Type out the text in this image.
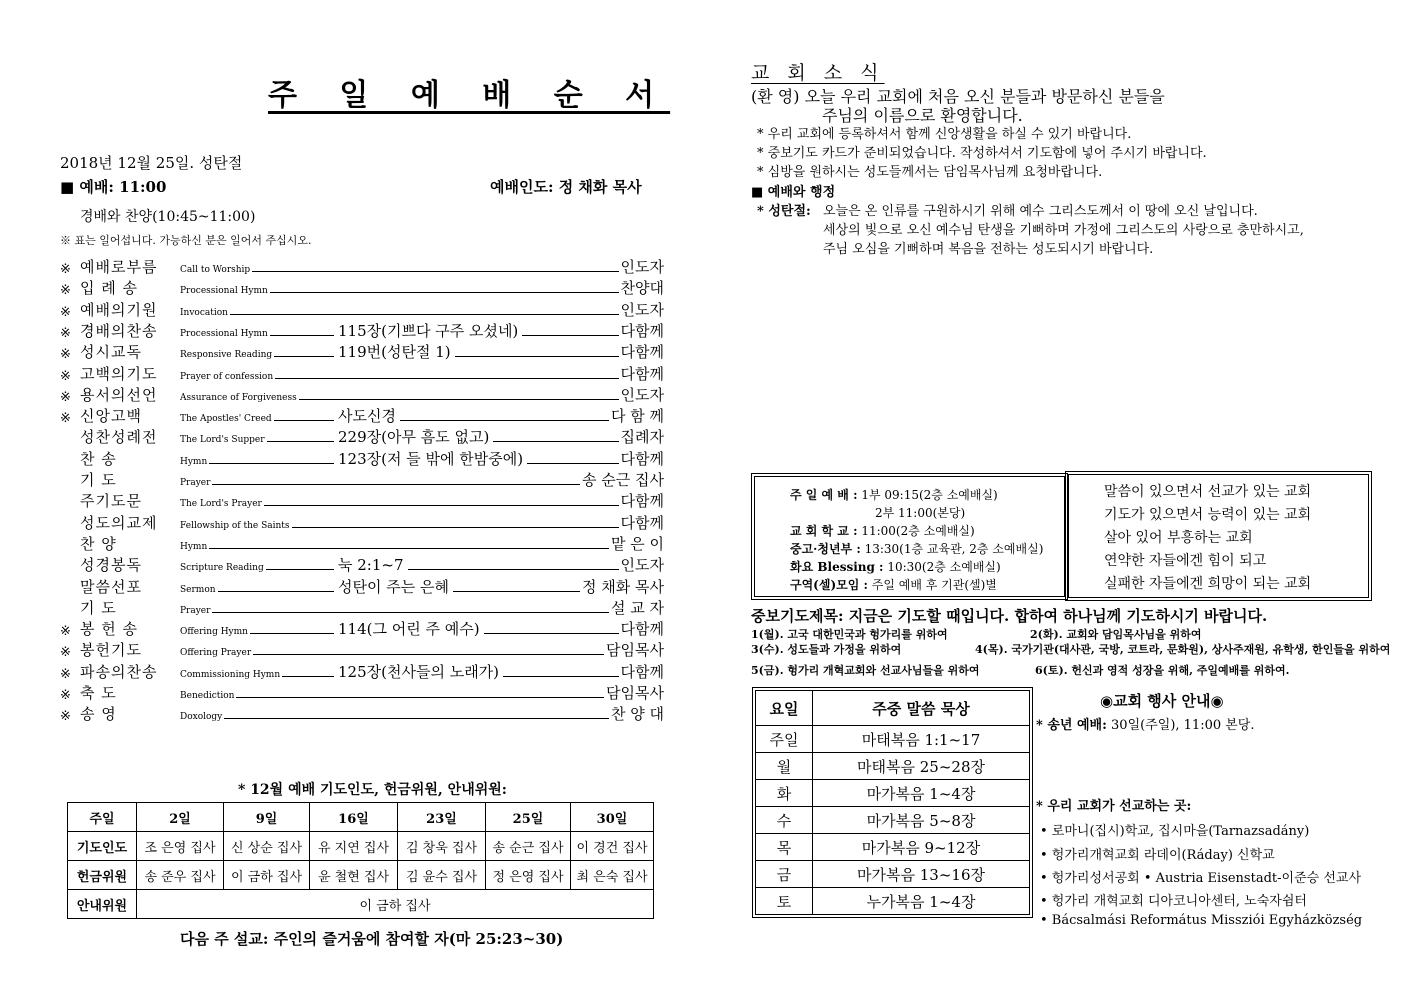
주 일 예 배 순 서
2018년 12월 25일. 성탄절
■ 예배: 11:00	예배인도: 정 채화 목사
경배와 찬양(10:45~11:00)
※ 표는 일어섭니다. 가능하신 분은 일어서 주십시오.
※ 예배로부름	Call to Worship	인도자
※ 입 례 송	Processional Hymn	찬양대
※ 예배의기원	Invocation	인도자
※ 경배의찬송	Processional Hymn	115장(기쁘다 구주 오셨네)	다함께
※ 성시교독	Responsive Reading	119번(성탄절 1)	다함께
※ 고백의기도	Prayer of confession	다함께
※ 용서의선언	Assurance of Forgiveness	인도자
※ 신앙고백	The Apostles' Creed	사도신경	다 함 께
성찬성례전	The Lord's Supper	229장(아무 흠도 없고)	집례자
찬 송	Hymn	123장(저 들 밖에 한밤중에)	다함께
기 도	Prayer	송 순근 집사
주기도문	The Lord's Prayer	다함께
성도의교제	Fellowship of the Saints	다함께
찬 양	Hymn	맡 은 이
성경봉독	Scripture Reading	눅 2:1~7	인도자
말씀선포	Sermon	성탄이 주는 은혜	정 채화 목사
기 도	Prayer	설 교 자
※ 봉 헌 송	Offering Hymn	114(그 어린 주 예수)	다함께
※ 봉헌기도	Offering Prayer	담임목사
※ 파송의찬송	Commissioning Hymn	125장(천사들의 노래가)	다함께
※ 축 도	Benediction	담임목사
※ 송 영	Doxology	찬 양 대
* 12월 예배 기도인도, 헌금위원, 안내위원:
주일	2일	9일	16일	23일	25일	30일
기도인도	조 은영 집사	신 상순 집사	유 지연 집사	김 창욱 집사	송 순근 집사	이 경건 집사
헌금위원	송 준우 집사	이 금하 집사	윤 철현 집사	김 윤수 집사	정 은영 집사	최 은숙 집사
안내위원	이 금하 집사					
다음 주 설교: 주인의 즐거움에 참여할 자(마 25:23~30)
교 회 소 식
(환 영) 오늘 우리 교회에 처음 오신 분들과 방문하신 분들을
주님의 이름으로 환영합니다.
* 우리 교회에 등록하셔서 함께 신앙생활을 하실 수 있기 바랍니다.
* 중보기도 카드가 준비되었습니다. 작성하셔서 기도함에 넣어 주시기 바랍니다.
* 심방을 원하시는 성도들께서는 담임목사님께 요청바랍니다.
■ 예배와 행정
* 성탄절: 오늘은 온 인류를 구원하시기 위해 예수 그리스도께서 이 땅에 오신 날입니다.
세상의 빛으로 오신 예수님 탄생을 기뻐하며 가정에 그리스도의 사랑으로 충만하시고,
주님 오심을 기뻐하며 복음을 전하는 성도되시기 바랍니다.
주 일 예 배 : 1부 09:15(2층 소예배실)
2부 11:00(본당)
교 회 학 교 : 11:00(2층 소예배실)
중고·청년부 : 13:30(1층 교육관, 2층 소예배실)
화요 Blessing : 10:30(2층 소예배실)
구역(셀)모임 : 주일 예배 후 기관(셀)별
말씀이 있으면서 선교가 있는 교회
기도가 있으면서 능력이 있는 교회
살아 있어 부흥하는 교회
연약한 자들에겐 힘이 되고
실패한 자들에겐 희망이 되는 교회
중보기도제목: 지금은 기도할 때입니다. 합하여 하나님께 기도하시기 바랍니다.
1(월). 고국 대한민국과 헝가리를 위하여	2(화). 교회와 담임목사님을 위하여
3(수). 성도들과 가정을 위하여	4(목). 국가기관(대사관, 국방, 코트라, 문화원), 상사주재원, 유학생, 한인들을 위하여
5(금). 헝가리 개혁교회와 선교사님들을 위하여	6(토). 헌신과 영적 성장을 위해, 주일예배를 위하여.
요일	주중 말씀 묵상
주일	마태복음 1:1~17
월	마태복음 25~28장
화	마가복음 1~4장
수	마가복음 5~8장
목	마가복음 9~12장
금	마가복음 13~16장
토	누가복음 1~4장
◉교회 행사 안내◉
* 송년 예배: 30일(주일), 11:00 본당.
* 우리 교회가 선교하는 곳:
• 로마니(집시)학교, 집시마을(Tarnazsadány)
• 헝가리개혁교회 라데이(Ráday) 신학교
• 헝가리성서공회 • Austria Eisenstadt-이준승 선교사
• 헝가리 개혁교회 디아코니아센터, 노숙자쉼터
• Bácsalmási Református Missziói Egyházközség
